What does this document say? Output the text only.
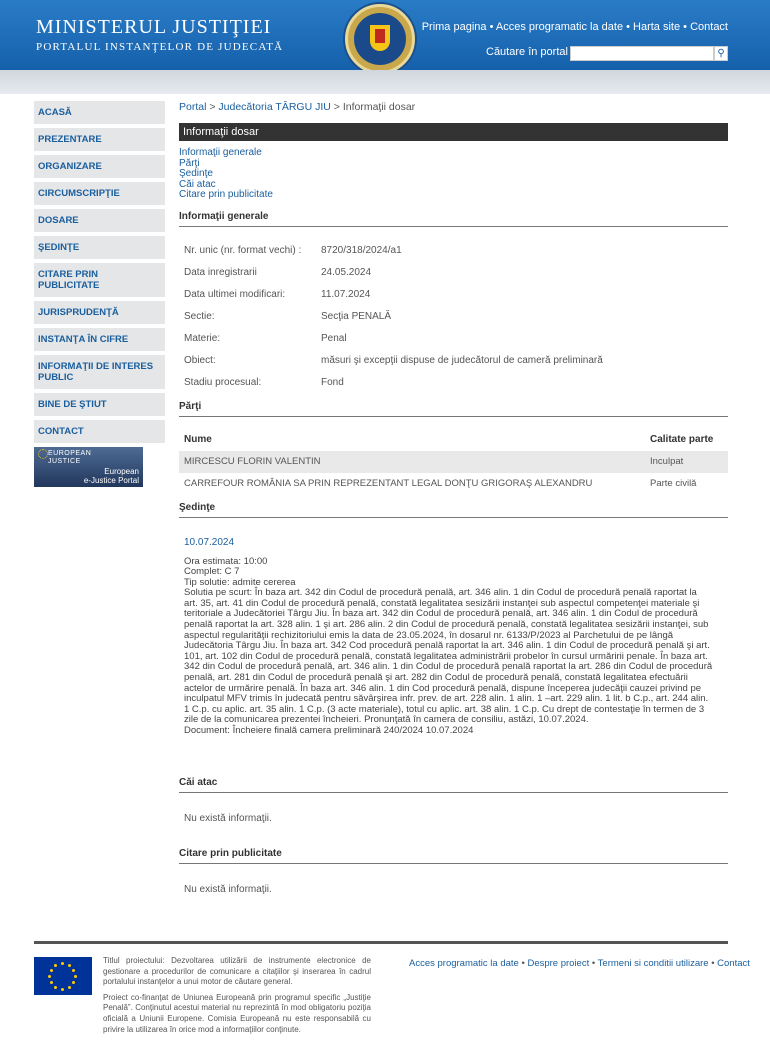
MINISTERUL JUSTIŢIEI
PORTALUL INSTANŢELOR DE JUDECATĂ
Prima pagina • Acces programatic la date • Harta site • Contact
Căutare în portal	⚲
ACASĂ
PREZENTARE
ORGANIZARE
CIRCUMSCRIPŢIE
DOSARE
ŞEDINŢE
CITARE PRIN PUBLICITATE
JURISPRUDENŢĂ
INSTANŢA ÎN CIFRE
INFORMAŢII DE INTERES PUBLIC
BINE DE ŞTIUT
CONTACT
EUROPEAN
JUSTICE
European
e-Justice Portal
Portal > Judecătoria TÂRGU JIU > Informaţii dosar
Informaţii dosar
Informaţii generale
Părţi
Şedinţe
Căi atac
Citare prin publicitate
Informaţii generale
Nr. unic (nr. format vechi) : 8720/318/2024/a1
Data inregistrarii	24.05.2024
Data ultimei modificari:	11.07.2024
Sectie:	Secţia PENALĂ
Materie:	Penal
Obiect:	măsuri şi excepţii dispuse de judecătorul de cameră preliminară
Stadiu procesual:	Fond
Părţi
Nume	Calitate parte
MIRCESCU FLORIN VALENTIN	Inculpat
CARREFOUR ROMÂNIA SA PRIN REPREZENTANT LEGAL DONŢU GRIGORAŞ ALEXANDRU	Parte civilă
Şedinţe
10.07.2024
Ora estimata: 10:00
Complet: C 7
Tip solutie: admite cererea
Solutia pe scurt: În baza art. 342 din Codul de procedură penală, art. 346 alin. 1 din Codul de procedură penală raportat la
art. 35, art. 41 din Codul de procedură penală, constată legalitatea sesizării instanţei sub aspectul competenţei materiale şi
teritoriale a Judecătoriei Târgu Jiu. În baza art. 342 din Codul de procedură penală, art. 346 alin. 1 din Codul de procedură
penală raportat la art. 328 alin. 1 şi art. 286 alin. 2 din Codul de procedură penală, constată legalitatea sesizării instanţei, sub
aspectul regularităţii rechizitoriului emis la data de 23.05.2024, în dosarul nr. 6133/P/2023 al Parchetului de pe lângă
Judecătoria Târgu Jiu. În baza art. 342 Cod procedură penală raportat la art. 346 alin. 1 din Codul de procedură penală şi art.
101, art. 102 din Codul de procedură penală, constată legalitatea administrării probelor în cursul urmăririi penale. În baza art.
342 din Codul de procedură penală, art. 346 alin. 1 din Codul de procedură penală raportat la art. 286 din Codul de procedură
penală, art. 281 din Codul de procedură penală şi art. 282 din Codul de procedură penală, constată legalitatea efectuării
actelor de urmărire penală. În baza art. 346 alin. 1 din Cod procedură penală, dispune începerea judecăţii cauzei privind pe
inculpatul MFV trimis în judecată pentru săvârşirea infr. prev. de art. 228 alin. 1 alin. 1 –art. 229 alin. 1 lit. b C.p., art. 244 alin.
1 C.p. cu aplic. art. 35 alin. 1 C.p. (3 acte materiale), totul cu aplic. art. 38 alin. 1 C.p. Cu drept de contestaţie în termen de 3
zile de la comunicarea prezentei încheieri. Pronunţată în camera de consiliu, astăzi, 10.07.2024.
Document: Încheiere finală camera preliminară 240/2024 10.07.2024
Căi atac
Nu există informaţii.
Citare prin publicitate
Nu există informaţii.
Titlul proiectului: Dezvoltarea utilizării de instrumente electronice de gestionare a procedurilor de comunicare a citaţiilor şi inserarea în cadrul portalului instanţelor a unui motor de căutare general.
Proiect co-finanţat de Uniunea Europeană prin programul specific „Justiţie Penală”. Conţinutul acestui material nu reprezintă în mod obligatoriu poziţia oficială a Uniunii Europene. Comisia Europeană nu este responsabilă cu privire la utilizarea în orice mod a informaţiilor conţinute.
Acces programatic la date • Despre proiect • Termeni si conditii utilizare • Contact
